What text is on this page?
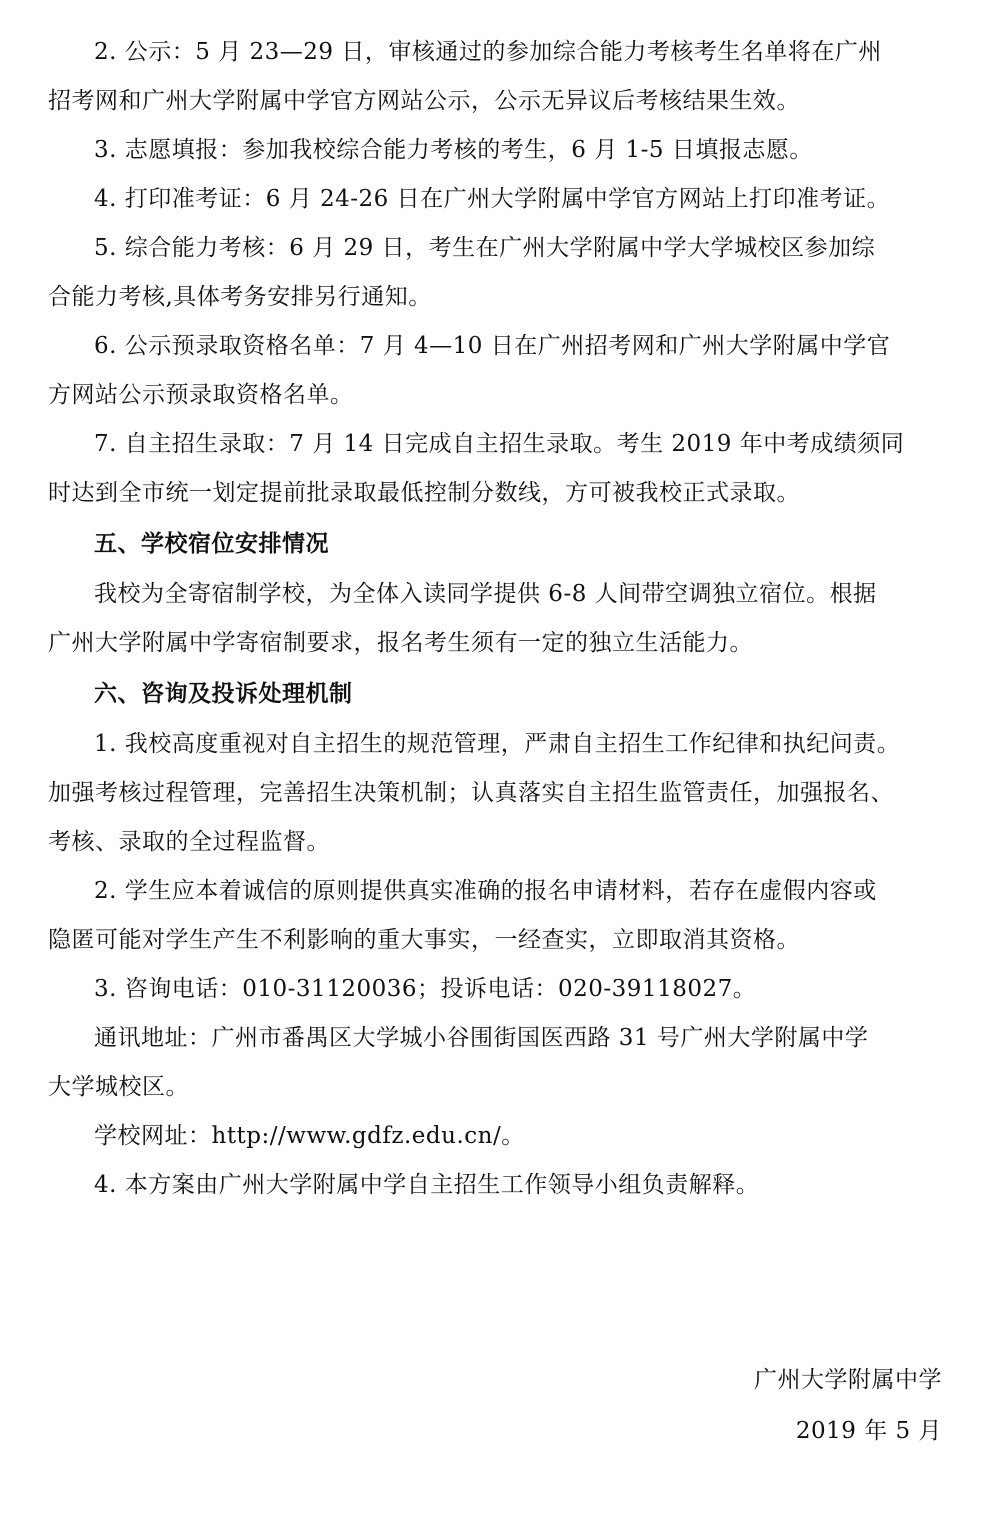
2. 公示：5 月 23—29 日，审核通过的参加综合能力考核考生名单将在广州
招考网和广州大学附属中学官方网站公示，公示无异议后考核结果生效。
3. 志愿填报：参加我校综合能力考核的考生，6 月 1-5 日填报志愿。
4. 打印准考证：6 月 24-26 日在广州大学附属中学官方网站上打印准考证。
5. 综合能力考核：6 月 29 日，考生在广州大学附属中学大学城校区参加综
合能力考核,具体考务安排另行通知。
6. 公示预录取资格名单：7 月 4—10 日在广州招考网和广州大学附属中学官
方网站公示预录取资格名单。
7. 自主招生录取：7 月 14 日完成自主招生录取。考生 2019 年中考成绩须同
时达到全市统一划定提前批录取最低控制分数线，方可被我校正式录取。
五、学校宿位安排情况
我校为全寄宿制学校，为全体入读同学提供 6-8 人间带空调独立宿位。根据
广州大学附属中学寄宿制要求，报名考生须有一定的独立生活能力。
六、咨询及投诉处理机制
1. 我校高度重视对自主招生的规范管理，严肃自主招生工作纪律和执纪问责。
加强考核过程管理，完善招生决策机制；认真落实自主招生监管责任，加强报名、
考核、录取的全过程监督。
2. 学生应本着诚信的原则提供真实准确的报名申请材料，若存在虚假内容或
隐匿可能对学生产生不利影响的重大事实，一经查实，立即取消其资格。
3. 咨询电话：010-31120036；投诉电话：020-39118027。
通讯地址：广州市番禺区大学城小谷围街国医西路 31 号广州大学附属中学
大学城校区。
学校网址：http://www.gdfz.edu.cn/。
4. 本方案由广州大学附属中学自主招生工作领导小组负责解释。
广州大学附属中学
2019 年 5 月
